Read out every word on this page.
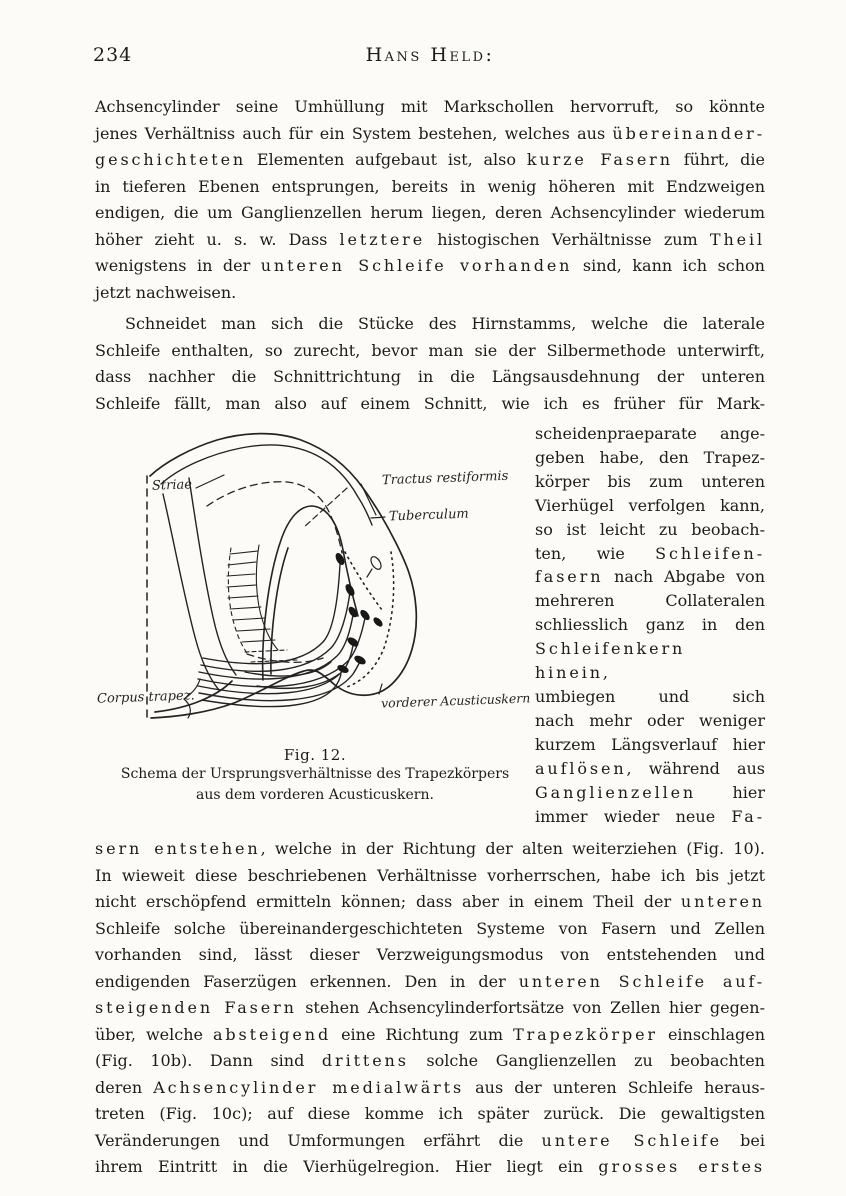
234	Hans Held:
Achsencylinder seine Umhüllung mit Markschollen hervorruft, so könnte
jenes Verhältniss auch für ein System bestehen, welches aus übereinander-
geschichteten Elementen aufgebaut ist, also kurze Fasern führt, die
in tieferen Ebenen entsprungen, bereits in wenig höheren mit Endzweigen
endigen, die um Ganglienzellen herum liegen, deren Achsencylinder wiederum
höher zieht u. s. w. Dass letztere histogischen Verhältnisse zum Theil
wenigstens in der unteren Schleife vorhanden sind, kann ich schon
jetzt nachweisen.
Schneidet man sich die Stücke des Hirnstamms, welche die laterale
Schleife enthalten, so zurecht, bevor man sie der Silbermethode unterwirft,
dass nachher die Schnittrichtung in die Längsausdehnung der unteren
Schleife fällt, man also auf einem Schnitt, wie ich es früher für Mark-
Striae	Tractus restiformis
Tuberculum
Corpus trapez.	vorderer Acusticuskern
Fig. 12.
Schema der Ursprungsverhältnisse des Trapezkörpers
aus dem vorderen Acusticuskern.
scheidenpraeparate ange-
geben habe, den Trapez-
körper bis zum unteren
Vierhügel verfolgen kann,
so ist leicht zu beobach-
ten, wie Schleifen-
fasern nach Abgabe von
mehreren Collateralen
schliesslich ganz in den
Schleifenkern hinein,
umbiegen und sich
nach mehr oder weniger
kurzem Längsverlauf hier
auflösen, während aus
Ganglienzellen hier
immer wieder neue Fa-
sern entstehen, welche in der Richtung der alten weiterziehen (Fig. 10).
In wieweit diese beschriebenen Verhältnisse vorherrschen, habe ich bis jetzt
nicht erschöpfend ermitteln können; dass aber in einem Theil der unteren
Schleife solche übereinandergeschichteten Systeme von Fasern und Zellen
vorhanden sind, lässt dieser Verzweigungsmodus von entstehenden und
endigenden Faserzügen erkennen. Den in der unteren Schleife auf-
steigenden Fasern stehen Achsencylinderfortsätze von Zellen hier gegen-
über, welche absteigend eine Richtung zum Trapezkörper einschlagen
(Fig. 10b). Dann sind drittens solche Ganglienzellen zu beobachten
deren Achsencylinder medialwärts aus der unteren Schleife heraus-
treten (Fig. 10c); auf diese komme ich später zurück. Die gewaltigsten
Veränderungen und Umformungen erfährt die untere Schleife bei
ihrem Eintritt in die Vierhügelregion. Hier liegt ein grosses erstes
